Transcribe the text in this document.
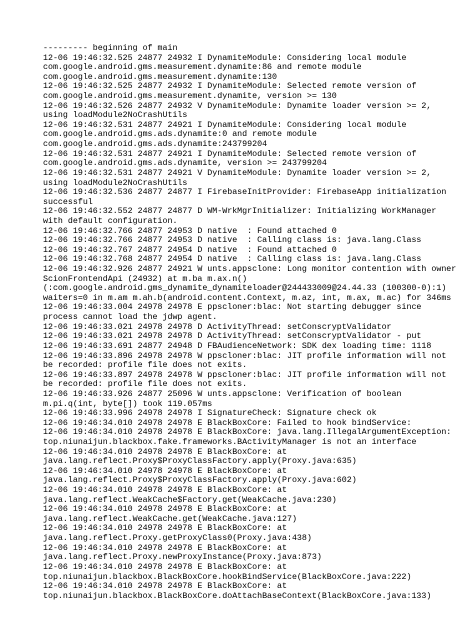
--------- beginning of main
12-06 19:46:32.525 24877 24932 I DynamiteModule: Considering local module
com.google.android.gms.measurement.dynamite:86 and remote module
com.google.android.gms.measurement.dynamite:130
12-06 19:46:32.525 24877 24932 I DynamiteModule: Selected remote version of
com.google.android.gms.measurement.dynamite, version >= 130
12-06 19:46:32.526 24877 24932 V DynamiteModule: Dynamite loader version >= 2,
using loadModule2NoCrashUtils
12-06 19:46:32.531 24877 24921 I DynamiteModule: Considering local module
com.google.android.gms.ads.dynamite:0 and remote module
com.google.android.gms.ads.dynamite:243799204
12-06 19:46:32.531 24877 24921 I DynamiteModule: Selected remote version of
com.google.android.gms.ads.dynamite, version >= 243799204
12-06 19:46:32.531 24877 24921 V DynamiteModule: Dynamite loader version >= 2,
using loadModule2NoCrashUtils
12-06 19:46:32.536 24877 24877 I FirebaseInitProvider: FirebaseApp initialization
successful
12-06 19:46:32.552 24877 24877 D WM-WrkMgrInitializer: Initializing WorkManager
with default configuration.
12-06 19:46:32.766 24877 24953 D native  : Found attached 0
12-06 19:46:32.766 24877 24953 D native  : Calling class is: java.lang.Class
12-06 19:46:32.767 24877 24954 D native  : Found attached 0
12-06 19:46:32.768 24877 24954 D native  : Calling class is: java.lang.Class
12-06 19:46:32.926 24877 24921 W unts.appsclone: Long monitor contention with owner
ScionFrontendApi (24932) at m.ba m.ax.n()
(:com.google.android.gms_dynamite_dynamiteloader@244433009@24.44.33 (100300-0):1)
waiters=0 in m.am m.ah.b(android.content.Context, m.az, int, m.ax, m.ac) for 346ms
12-06 19:46:33.004 24978 24978 E ppscloner:blac: Not starting debugger since
process cannot load the jdwp agent.
12-06 19:46:33.021 24978 24978 D ActivityThread: setConscryptValidator
12-06 19:46:33.021 24978 24978 D ActivityThread: setConscryptValidator - put
12-06 19:46:33.691 24877 24948 D FBAudienceNetwork: SDK dex loading time: 1118
12-06 19:46:33.896 24978 24978 W ppscloner:blac: JIT profile information will not
be recorded: profile file does not exits.
12-06 19:46:33.897 24978 24978 W ppscloner:blac: JIT profile information will not
be recorded: profile file does not exits.
12-06 19:46:33.926 24877 25096 W unts.appsclone: Verification of boolean
m.pi.q(int, byte[]) took 119.057ms
12-06 19:46:33.996 24978 24978 I SignatureCheck: Signature check ok
12-06 19:46:34.010 24978 24978 E BlackBoxCore: Failed to hook bindService:
12-06 19:46:34.010 24978 24978 E BlackBoxCore: java.lang.IllegalArgumentException:
top.niunaijun.blackbox.fake.frameworks.BActivityManager is not an interface
12-06 19:46:34.010 24978 24978 E BlackBoxCore: at
java.lang.reflect.Proxy$ProxyClassFactory.apply(Proxy.java:635)
12-06 19:46:34.010 24978 24978 E BlackBoxCore: at
java.lang.reflect.Proxy$ProxyClassFactory.apply(Proxy.java:602)
12-06 19:46:34.010 24978 24978 E BlackBoxCore: at
java.lang.reflect.WeakCache$Factory.get(WeakCache.java:230)
12-06 19:46:34.010 24978 24978 E BlackBoxCore: at
java.lang.reflect.WeakCache.get(WeakCache.java:127)
12-06 19:46:34.010 24978 24978 E BlackBoxCore: at
java.lang.reflect.Proxy.getProxyClass0(Proxy.java:438)
12-06 19:46:34.010 24978 24978 E BlackBoxCore: at
java.lang.reflect.Proxy.newProxyInstance(Proxy.java:873)
12-06 19:46:34.010 24978 24978 E BlackBoxCore: at
top.niunaijun.blackbox.BlackBoxCore.hookBindService(BlackBoxCore.java:222)
12-06 19:46:34.010 24978 24978 E BlackBoxCore: at
top.niunaijun.blackbox.BlackBoxCore.doAttachBaseContext(BlackBoxCore.java:133)
